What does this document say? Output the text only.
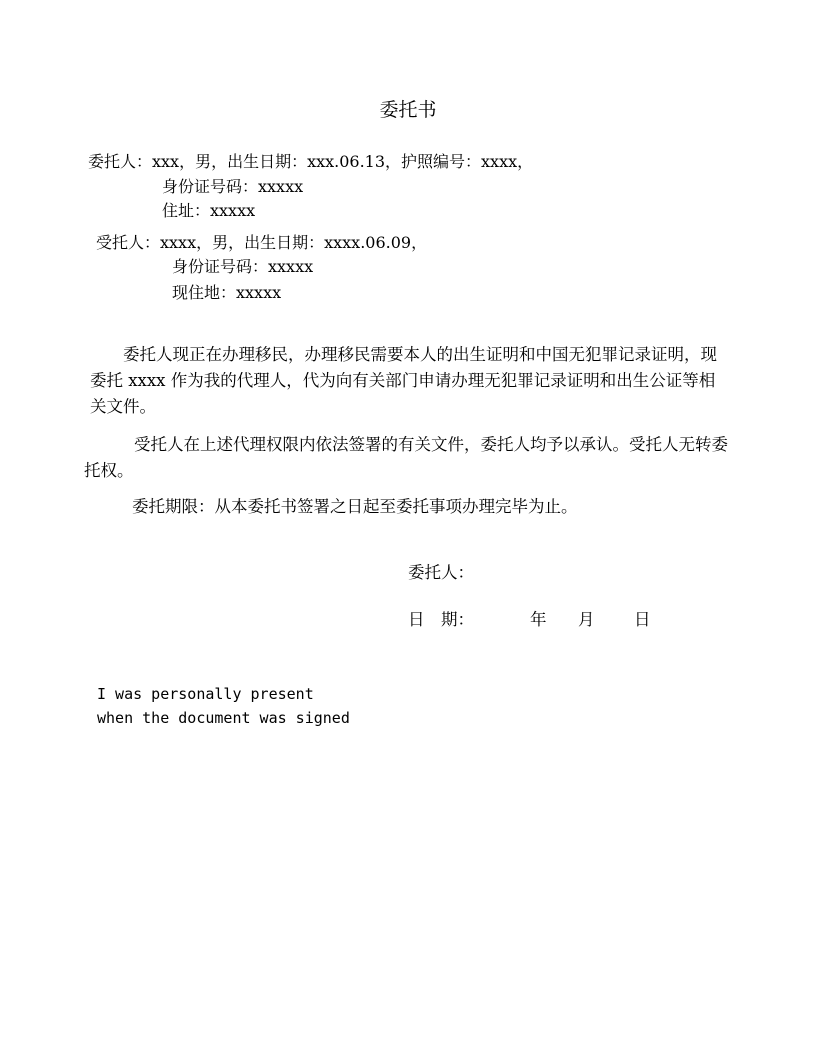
委托书
委托人：xxx，男，出生日期：xxx.06.13，护照编号：xxxx，
身份证号码：xxxxx
住址：xxxxx
受托人：xxxx，男，出生日期：xxxx.06.09，
身份证号码：xxxxx
现住地：xxxxx
委托人现正在办理移民，办理移民需要本人的出生证明和中国无犯罪记录证明，现委托 xxxx 作为我的代理人，代为向有关部门申请办理无犯罪记录证明和出生公证等相关文件。
受托人在上述代理权限内依法签署的有关文件，委托人均予以承认。受托人无转委托权。
委托期限：从本委托书签署之日起至委托事项办理完毕为止。
委托人：
日　期：	年 月 日
I was personally present
when the document was signed
